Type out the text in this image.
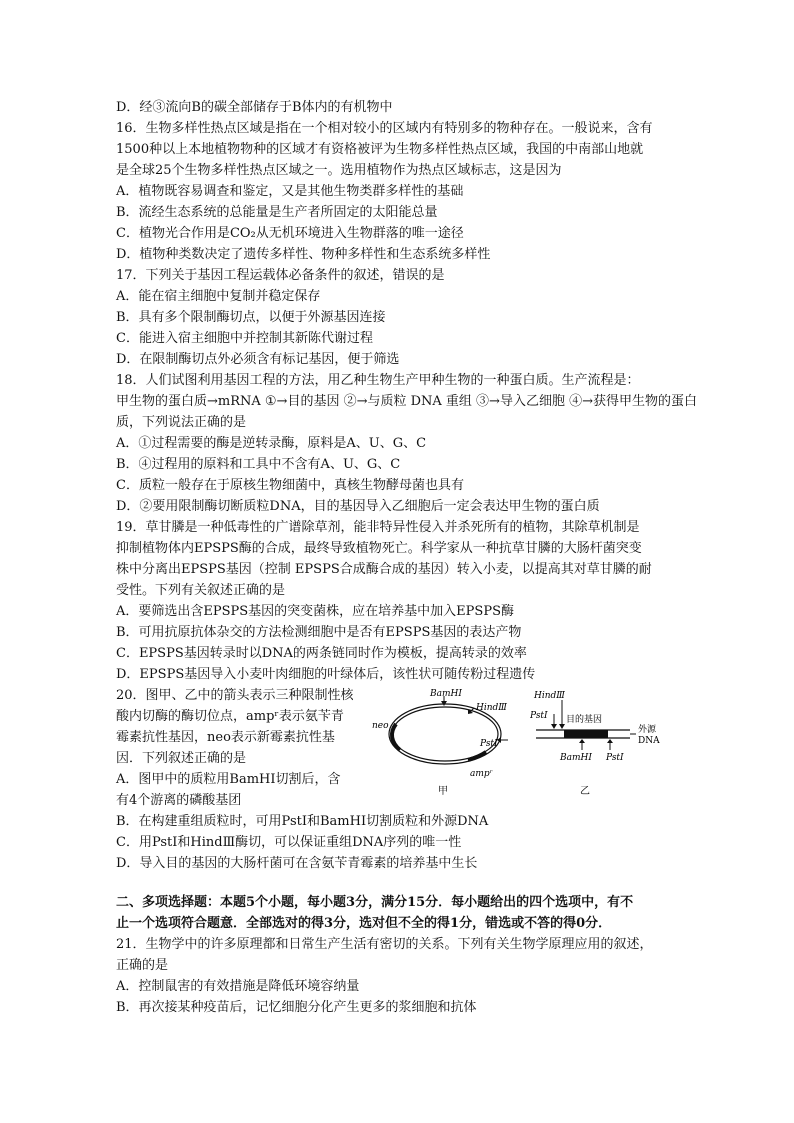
D．经③流向B的碳全部储存于B体内的有机物中
16．生物多样性热点区域是指在一个相对较小的区域内有特别多的物种存在。一般说来，含有
1500种以上本地植物物种的区域才有资格被评为生物多样性热点区域，我国的中南部山地就
是全球25个生物多样性热点区域之一。选用植物作为热点区域标志，这是因为
A．植物既容易调查和鉴定，又是其他生物类群多样性的基础
B．流经生态系统的总能量是生产者所固定的太阳能总量
C．植物光合作用是CO₂从无机环境进入生物群落的唯一途径
D．植物种类数决定了遗传多样性、物种多样性和生态系统多样性
17．下列关于基因工程运载体必备条件的叙述，错误的是
A．能在宿主细胞中复制并稳定保存
B．具有多个限制酶切点，以便于外源基因连接
C．能进入宿主细胞中并控制其新陈代谢过程
D．在限制酶切点外必须含有标记基因，便于筛选
18．人们试图利用基因工程的方法，用乙种生物生产甲种生物的一种蛋白质。生产流程是：
甲生物的蛋白质→mRNA ①→目的基因 ②→与质粒 DNA 重组 ③→导入乙细胞 ④→获得甲生物的蛋白
质，下列说法正确的是
A．①过程需要的酶是逆转录酶，原料是A、U、G、C
B．④过程用的原料和工具中不含有A、U、G、C
C．质粒一般存在于原核生物细菌中，真核生物酵母菌也具有
D．②要用限制酶切断质粒DNA，目的基因导入乙细胞后一定会表达甲生物的蛋白质
19．草甘膦是一种低毒性的广谱除草剂，能非特异性侵入并杀死所有的植物，其除草机制是
抑制植物体内EPSPS酶的合成，最终导致植物死亡。科学家从一种抗草甘膦的大肠杆菌突变
株中分离出EPSPS基因（控制 EPSPS合成酶合成的基因）转入小麦，以提高其对草甘膦的耐
受性。下列有关叙述正确的是
A．要筛选出含EPSPS基因的突变菌株，应在培养基中加入EPSPS酶
B．可用抗原抗体杂交的方法检测细胞中是否有EPSPS基因的表达产物
C．EPSPS基因转录时以DNA的两条链同时作为模板，提高转录的效率
D．EPSPS基因导入小麦叶肉细胞的叶绿体后，该性状可随传粉过程遗传
20．图甲、乙中的箭头表示三种限制性核
酸内切酶的酶切位点，ampʳ表示氨苄青
霉素抗性基因，neo表示新霉素抗性基
因．下列叙述正确的是
A．图甲中的质粒用BamHⅠ切割后，含
有4个游离的磷酸基团
BamHⅠ
HindⅢ
PstⅠ
neo
ampʳ
甲
HindⅢ
PstⅠ 目的基因
BamHⅠ PstⅠ
外源
DNA
乙
B．在构建重组质粒时，可用PstⅠ和BamHⅠ切割质粒和外源DNA
C．用PstⅠ和HindⅢ酶切，可以保证重组DNA序列的唯一性
D．导入目的基因的大肠杆菌可在含氨苄青霉素的培养基中生长
二、多项选择题：本题5个小题，每小题3分，满分15分．每小题给出的四个选项中，有不
止一个选项符合题意．全部选对的得3分，选对但不全的得1分，错选或不答的得0分．
21．生物学中的许多原理都和日常生产生活有密切的关系。下列有关生物学原理应用的叙述，
正确的是
A．控制鼠害的有效措施是降低环境容纳量
B．再次接某种疫苗后，记忆细胞分化产生更多的浆细胞和抗体
